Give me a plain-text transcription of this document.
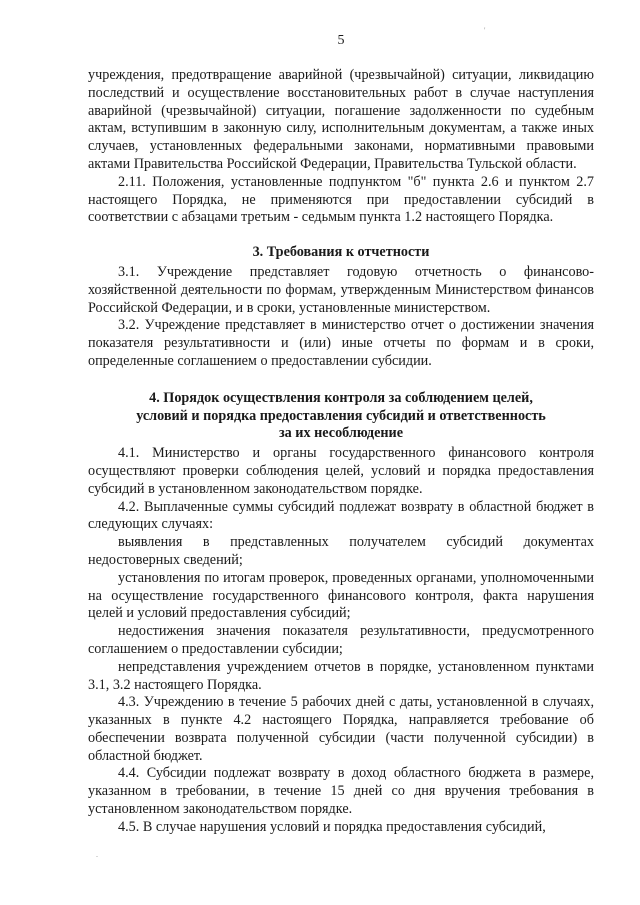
5

учреждения, предотвращение аварийной (чрезвычайной) ситуации, ликвидацию последствий и осуществление восстановительных работ в случае наступления аварийной (чрезвычайной) ситуации, погашение задолженности по судебным актам, вступившим в законную силу, исполнительным документам, а также иных случаев, установленных федеральными законами, нормативными правовыми актами Правительства Российской Федерации, Правительства Тульской области.

2.11. Положения, установленные подпунктом "б" пункта 2.6 и пунктом 2.7 настоящего Порядка, не применяются при предоставлении субсидий в соответствии с абзацами третьим - седьмым пункта 1.2 настоящего Порядка.

3. Требования к отчетности

3.1. Учреждение представляет годовую отчетность о финансово-хозяйственной деятельности по формам, утвержденным Министерством финансов Российской Федерации, и в сроки, установленные министерством.

3.2. Учреждение представляет в министерство отчет о достижении значения показателя результативности и (или) иные отчеты по формам и в сроки, определенные соглашением о предоставлении субсидии.

4. Порядок осуществления контроля за соблюдением целей,
условий и порядка предоставления субсидий и ответственность
за их несоблюдение

4.1. Министерство и органы государственного финансового контроля осуществляют проверки соблюдения целей, условий и порядка предоставления субсидий в установленном законодательством порядке.

4.2. Выплаченные суммы субсидий подлежат возврату в областной бюджет в следующих случаях:

выявления в представленных получателем субсидий документах недостоверных сведений;

установления по итогам проверок, проведенных органами, уполномоченными на осуществление государственного финансового контроля, факта нарушения целей и условий предоставления субсидий;

недостижения значения показателя результативности, предусмотренного соглашением о предоставлении субсидии;

непредставления учреждением отчетов в порядке, установленном пунктами 3.1, 3.2 настоящего Порядка.

4.3. Учреждению в течение 5 рабочих дней с даты, установленной в случаях, указанных в пункте 4.2 настоящего Порядка, направляется требование об обеспечении возврата полученной субсидии (части полученной субсидии) в областной бюджет.

4.4. Субсидии подлежат возврату в доход областного бюджета в размере, указанном в требовании, в течение 15 дней со дня вручения требования в установленном законодательством порядке.

4.5. В случае нарушения условий и порядка предоставления субсидий,

'
.
